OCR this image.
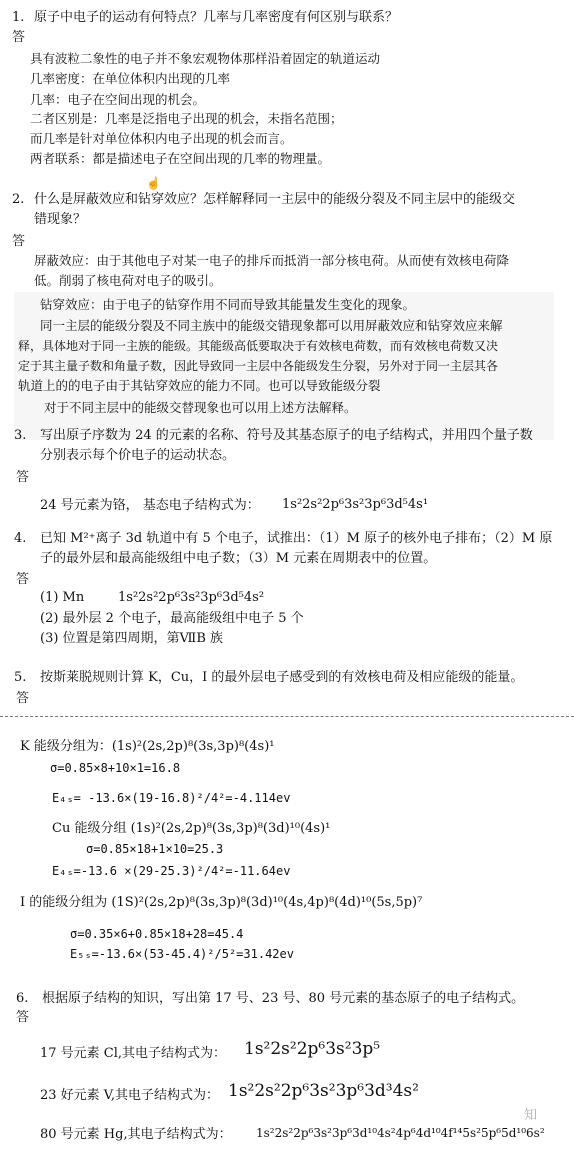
1. 原子中电子的运动有何特点？几率与几率密度有何区别与联系？
答
具有波粒二象性的电子并不象宏观物体那样沿着固定的轨道运动
几率密度：在单位体积内出现的几率
几率：电子在空间出现的机会。
二者区别是：几率是泛指电子出现的机会，未指名范围；
而几率是针对单位体积内电子出现的机会而言。
两者联系：都是描述电子在空间出现的几率的物理量。
☝
2. 什么是屏蔽效应和钻穿效应？怎样解释同一主层中的能级分裂及不同主层中的能级交
错现象？
答
屏蔽效应：由于其他电子对某一电子的排斥而抵消一部分核电荷。从而使有效核电荷降
低。削弱了核电荷对电子的吸引。
钻穿效应：由于电子的钻穿作用不同而导致其能量发生变化的现象。
同一主层的能级分裂及不同主族中的能级交错现象都可以用屏蔽效应和钻穿效应来解
释，具体地对于同一主族的能级。其能级高低要取决于有效核电荷数，而有效核电荷数又决
定于其主量子数和角量子数，因此导致同一主层中各能级发生分裂，另外对于同一主层其各
轨道上的的电子由于其钻穿效应的能力不同。也可以导致能级分裂
对于不同主层中的能级交替现象也可以用上述方法解释。
3. 写出原子序数为 24 的元素的名称、符号及其基态原子的电子结构式，并用四个量子数
分别表示每个价电子的运动状态。
答
24 号元素为铬， 基态电子结构式为： 1s²2s²2p⁶3s²3p⁶3d⁵4s¹
4. 已知 M²⁺离子 3d 轨道中有 5 个电子，试推出：（1）M 原子的核外电子排布；（2）M 原
子的最外层和最高能级组中电子数；（3）M 元素在周期表中的位置。
答
(1) Mn	1s²2s²2p⁶3s²3p⁶3d⁵4s²
(2) 最外层 2 个电子，最高能级组中电子 5 个
(3) 位置是第四周期，第ⅦB 族
5. 按斯莱脱规则计算 K，Cu，I 的最外层电子感受到的有效核电荷及相应能级的能量。
答
K 能级分组为：(1s)²(2s,2p)⁸(3s,3p)⁸(4s)¹
σ=0.85×8+10×1=16.8
E₄ₛ= -13.6×(19-16.8)²/4²=-4.114ev
Cu 能级分组 (1s)²(2s,2p)⁸(3s,3p)⁸(3d)¹⁰(4s)¹
σ=0.85×18+1×10=25.3
E₄ₛ=-13.6 ×(29-25.3)²/4²=-11.64ev
I 的能级分组为 (1S)²(2s,2p)⁸(3s,3p)⁸(3d)¹⁰(4s,4p)⁸(4d)¹⁰(5s,5p)⁷
σ=0.35×6+0.85×18+28=45.4
E₅ₛ=-13.6×(53-45.4)²/5²=31.42ev
6. 根据原子结构的知识，写出第 17 号、23 号、80 号元素的基态原子的电子结构式。
答
17 号元素 Cl,其电子结构式为： 1s²2s²2p⁶3s²3p⁵
23 好元素 V,其电子结构式为： 1s²2s²2p⁶3s²3p⁶3d³4s²
80 号元素 Hg,其电子结构式为： 1s²2s²2p⁶3s²3p⁶3d¹⁰4s²4p⁶4d¹⁰4f¹⁴5s²5p⁶5d¹⁰6s²
知
